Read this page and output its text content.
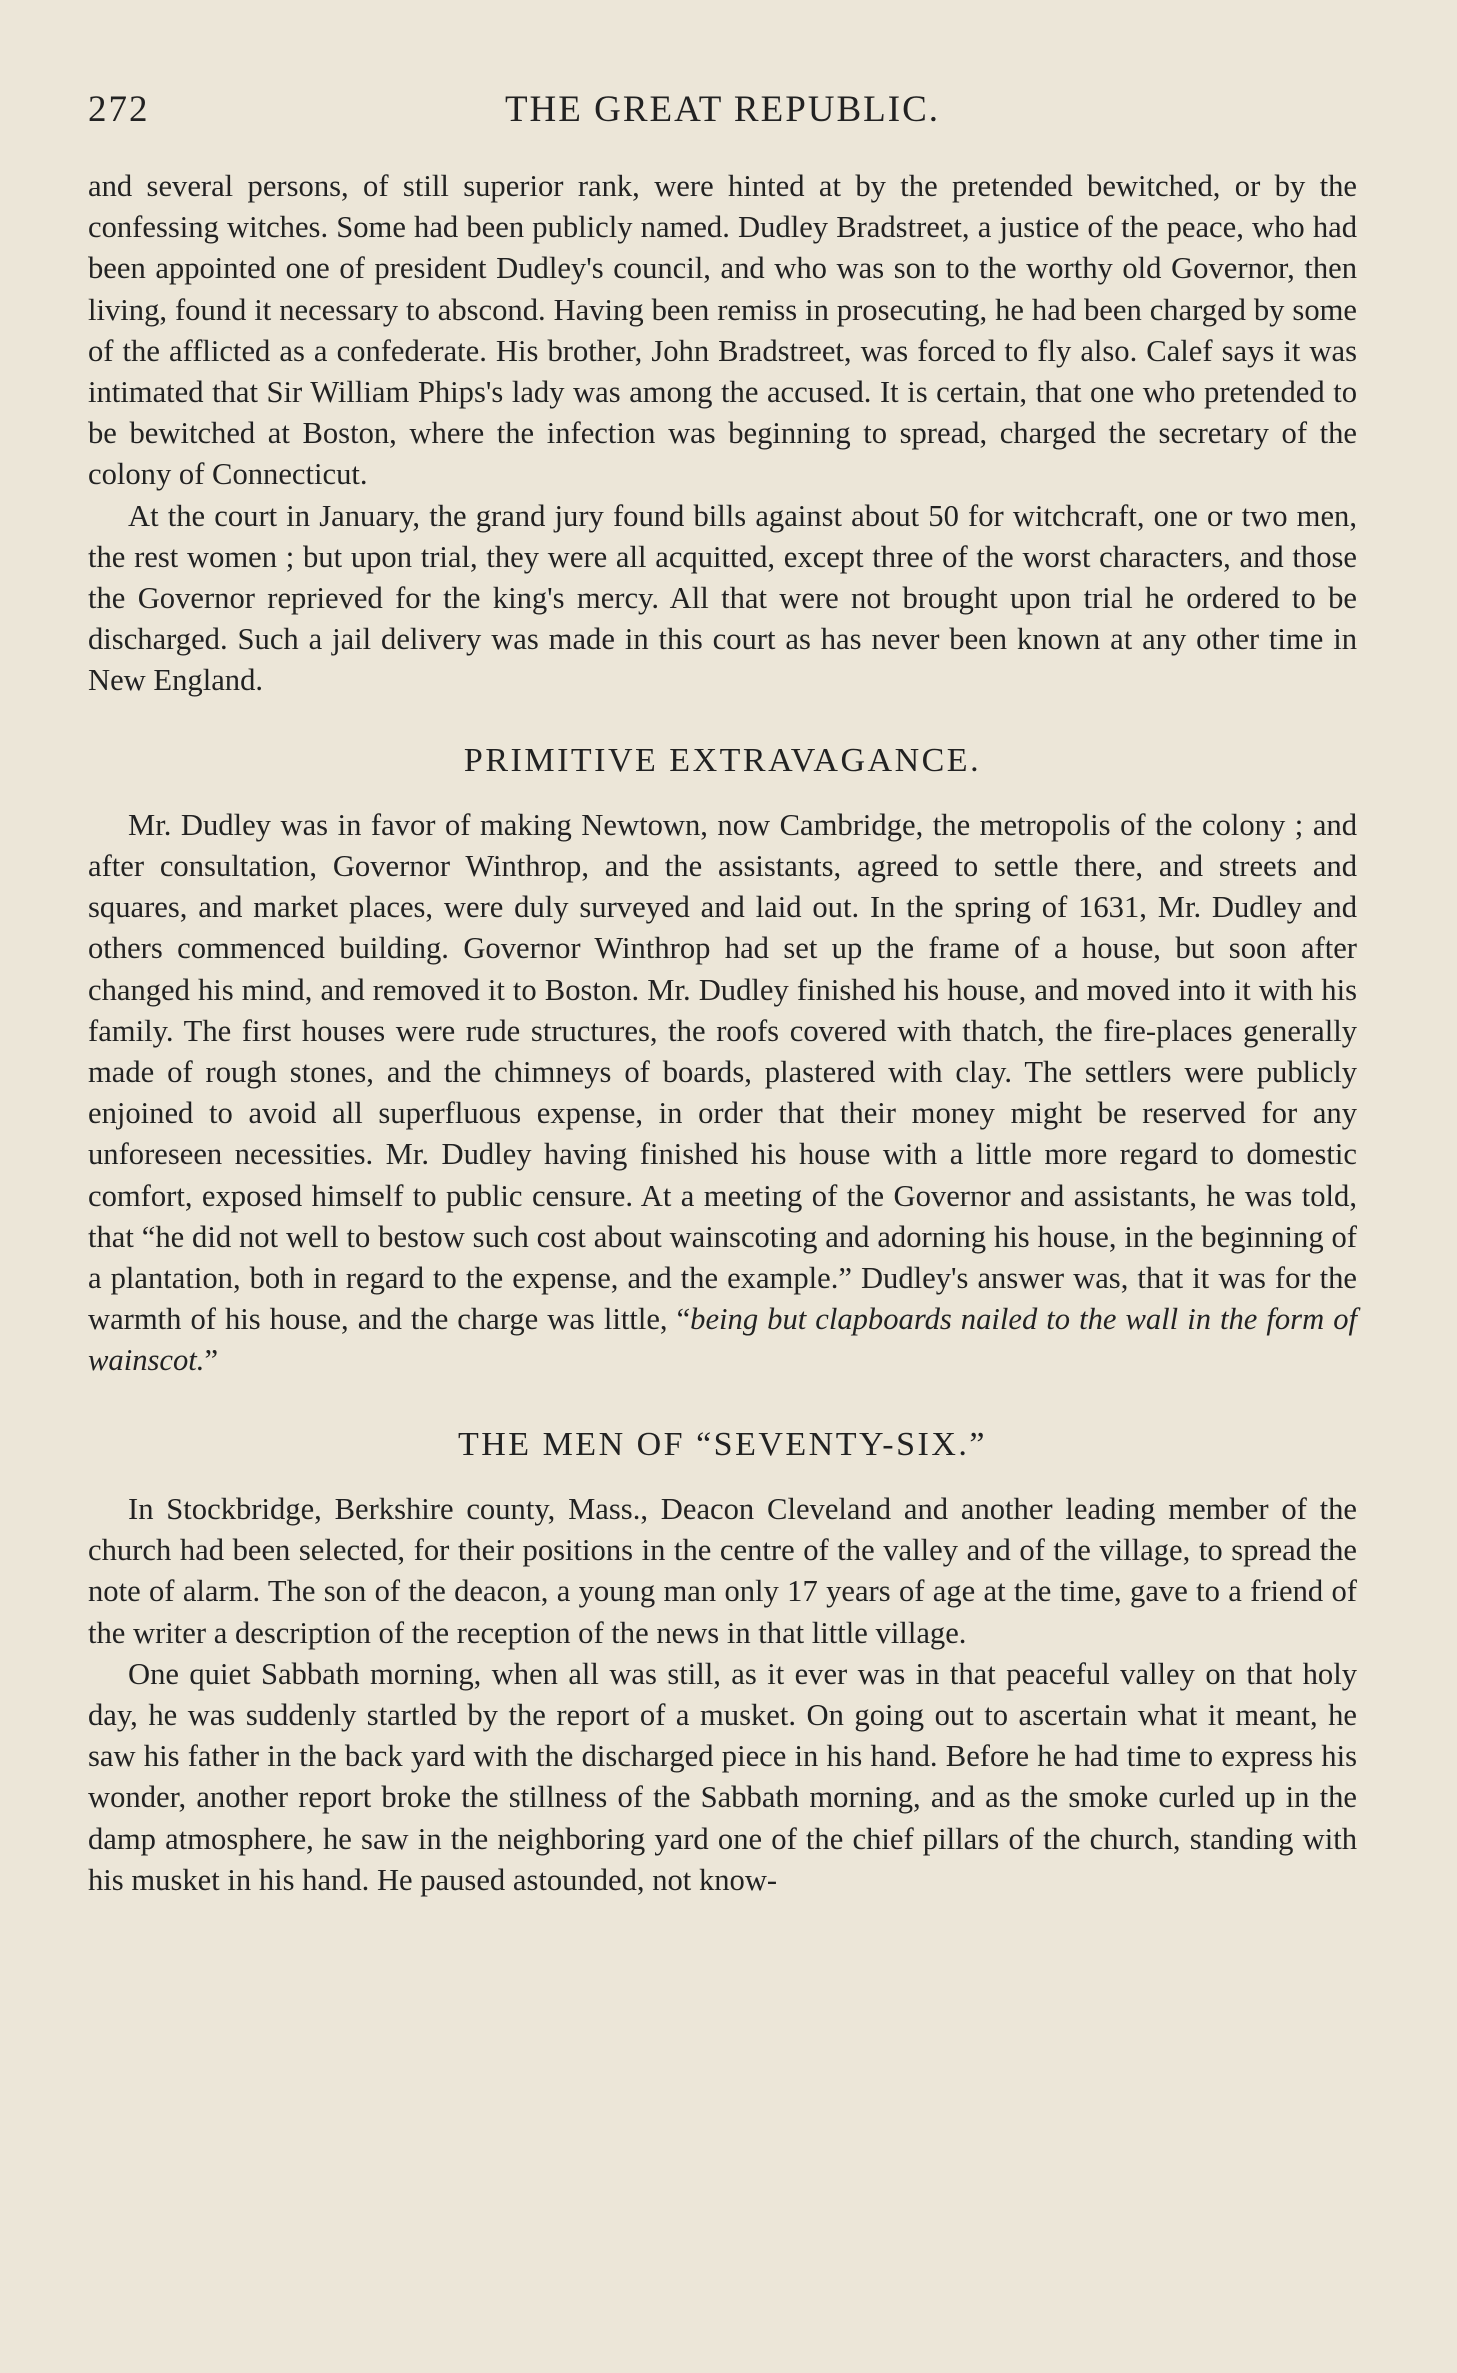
272	THE GREAT REPUBLIC.

and several persons, of still superior rank, were hinted at by the pretended bewitched, or by the confessing witches. Some had been publicly named. Dudley Bradstreet, a justice of the peace, who had been appointed one of president Dudley's council, and who was son to the worthy old Governor, then living, found it necessary to abscond. Having been remiss in prosecuting, he had been charged by some of the afflicted as a confederate. His brother, John Bradstreet, was forced to fly also. Calef says it was intimated that Sir William Phips's lady was among the accused. It is certain, that one who pretended to be bewitched at Boston, where the infection was beginning to spread, charged the secretary of the colony of Connecticut.

At the court in January, the grand jury found bills against about 50 for witchcraft, one or two men, the rest women ; but upon trial, they were all acquitted, except three of the worst characters, and those the Governor reprieved for the king's mercy. All that were not brought upon trial he ordered to be discharged. Such a jail delivery was made in this court as has never been known at any other time in New England.

PRIMITIVE EXTRAVAGANCE.

Mr. Dudley was in favor of making Newtown, now Cambridge, the metropolis of the colony ; and after consultation, Governor Winthrop, and the assistants, agreed to settle there, and streets and squares, and market places, were duly surveyed and laid out. In the spring of 1631, Mr. Dudley and others commenced building. Governor Winthrop had set up the frame of a house, but soon after changed his mind, and removed it to Boston. Mr. Dudley finished his house, and moved into it with his family. The first houses were rude structures, the roofs covered with thatch, the fire-places generally made of rough stones, and the chimneys of boards, plastered with clay. The settlers were publicly enjoined to avoid all superfluous expense, in order that their money might be reserved for any unforeseen necessities. Mr. Dudley having finished his house with a little more regard to domestic comfort, exposed himself to public censure. At a meeting of the Governor and assistants, he was told, that “he did not well to bestow such cost about wainscoting and adorning his house, in the beginning of a plantation, both in regard to the expense, and the example.” Dudley's answer was, that it was for the warmth of his house, and the charge was little, “being but clapboards nailed to the wall in the form of wainscot.”

THE MEN OF “SEVENTY-SIX.”

In Stockbridge, Berkshire county, Mass., Deacon Cleveland and another leading member of the church had been selected, for their positions in the centre of the valley and of the village, to spread the note of alarm. The son of the deacon, a young man only 17 years of age at the time, gave to a friend of the writer a description of the reception of the news in that little village.

One quiet Sabbath morning, when all was still, as it ever was in that peaceful valley on that holy day, he was suddenly startled by the report of a musket. On going out to ascertain what it meant, he saw his father in the back yard with the discharged piece in his hand. Before he had time to express his wonder, another report broke the stillness of the Sabbath morning, and as the smoke curled up in the damp atmosphere, he saw in the neighboring yard one of the chief pillars of the church, standing with his musket in his hand. He paused astounded, not know-
